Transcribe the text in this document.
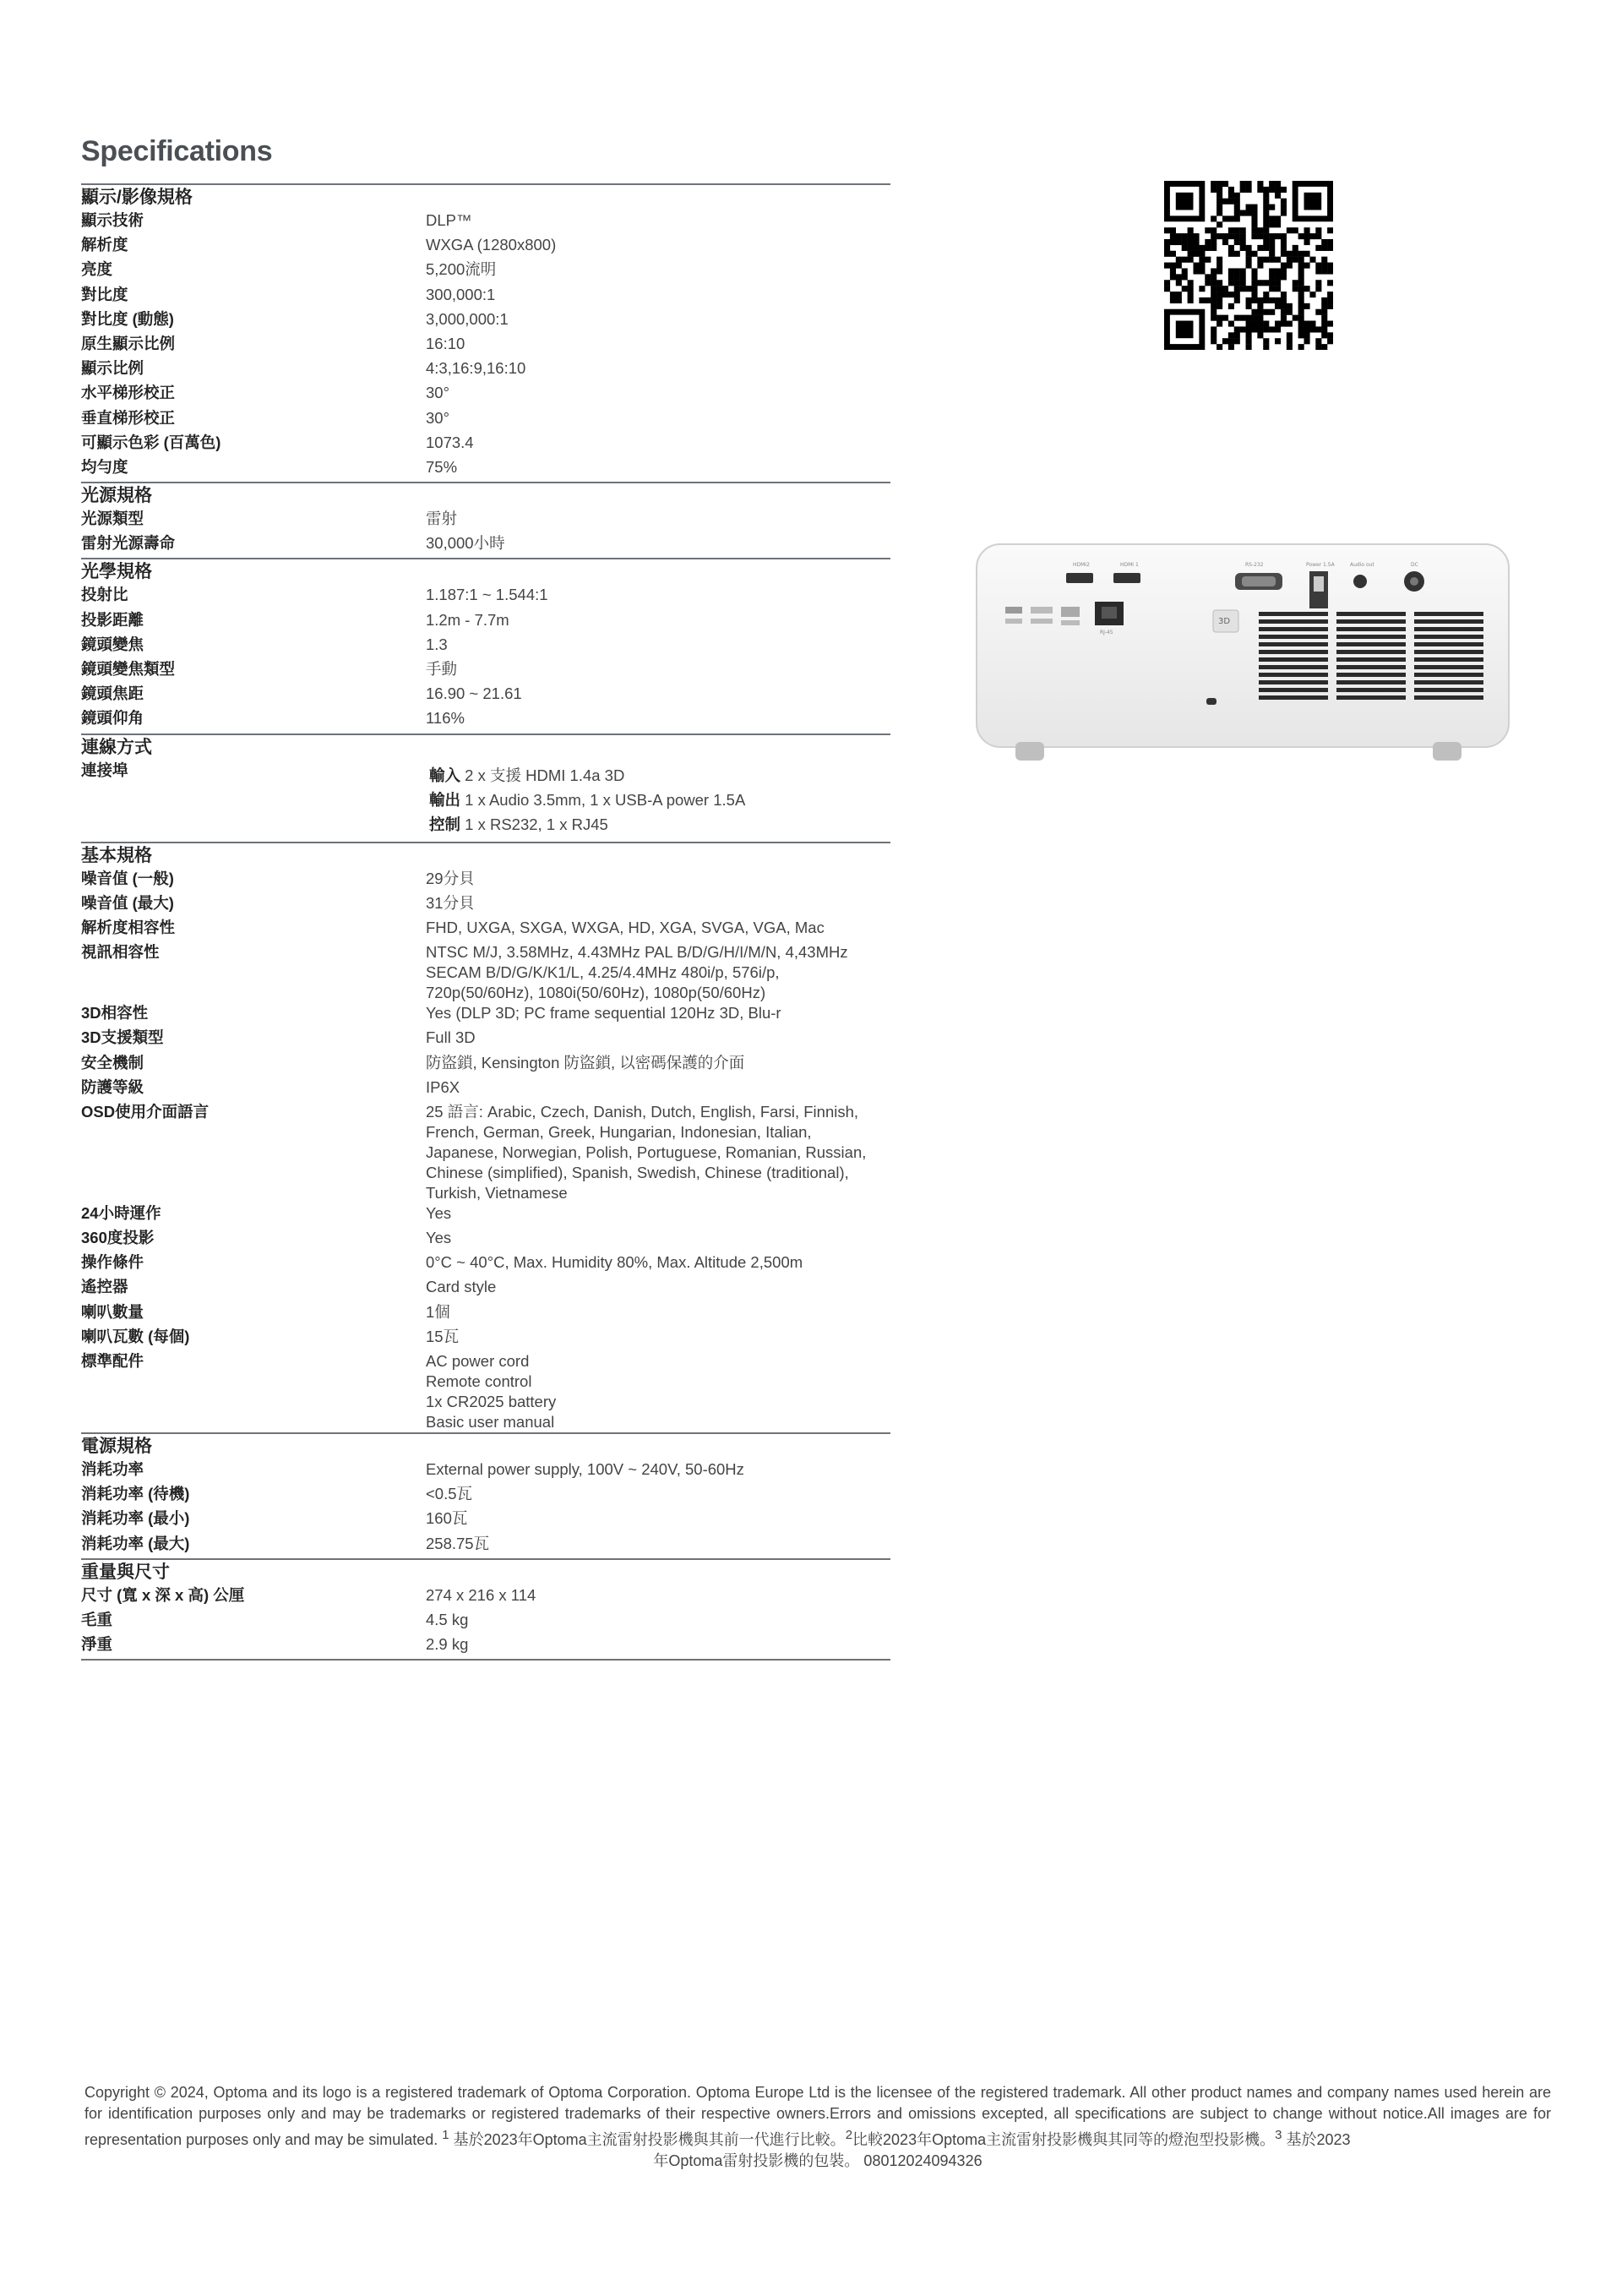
Specifications
顯示/影像規格
顯示技術	DLP™
解析度	WXGA (1280x800)
亮度	5,200流明
對比度	300,000:1
對比度 (動態)	3,000,000:1
原生顯示比例	16:10
顯示比例	4:3,16:9,16:10
水平梯形校正	30°
垂直梯形校正	30°
可顯示色彩 (百萬色)	1073.4
均勻度	75%
光源規格
光源類型	雷射
雷射光源壽命	30,000小時
光學規格
投射比	1.187:1 ~ 1.544:1
投影距離	1.2m - 7.7m
鏡頭變焦	1.3
鏡頭變焦類型	手動
鏡頭焦距	16.90 ~ 21.61
鏡頭仰角	116%
連線方式
連接埠	輸入 2 x 支援 HDMI 1.4a 3D
輸出 1 x Audio 3.5mm, 1 x USB-A power 1.5A
控制 1 x RS232, 1 x RJ45
基本規格
噪音值 (一般)	29分貝
噪音值 (最大)	31分貝
解析度相容性	FHD, UXGA, SXGA, WXGA, HD, XGA, SVGA, VGA, Mac
視訊相容性	NTSC M/J, 3.58MHz, 4.43MHz PAL B/D/G/H/I/M/N, 4,43MHz
SECAM B/D/G/K/K1/L, 4.25/4.4MHz 480i/p, 576i/p,
720p(50/60Hz), 1080i(50/60Hz), 1080p(50/60Hz)
3D相容性	Yes (DLP 3D; PC frame sequential 120Hz 3D, Blu-r
3D支援類型	Full 3D
安全機制	防盜鎖, Kensington 防盜鎖, 以密碼保護的介面
防護等級	IP6X
OSD使用介面語言	25 語言: Arabic, Czech, Danish, Dutch, English, Farsi, Finnish,
French, German, Greek, Hungarian, Indonesian, Italian,
Japanese, Norwegian, Polish, Portuguese, Romanian, Russian,
Chinese (simplified), Spanish, Swedish, Chinese (traditional),
Turkish, Vietnamese
24小時運作	Yes
360度投影	Yes
操作條件	0°C ~ 40°C, Max. Humidity 80%, Max. Altitude 2,500m
遙控器	Card style
喇叭數量	1個
喇叭瓦數 (每個)	15瓦
標準配件	AC power cord
Remote control
1x CR2025 battery
Basic user manual
電源規格
消耗功率	External power supply, 100V ~ 240V, 50-60Hz
消耗功率 (待機)	<0.5瓦
消耗功率 (最小)	160瓦
消耗功率 (最大)	258.75瓦
重量與尺寸
尺寸 (寬 x 深 x 高) 公厘	274 x 216 x 114
毛重	4.5 kg
淨重	2.9 kg
HDMI2	HDMI 1
RJ-45
RS-232	Power 1.5A	Audio out	DC
3D
Copyright © 2024, Optoma and its logo is a registered trademark of Optoma Corporation. Optoma Europe Ltd is the licensee of the registered trademark. All other product names and company names used herein are for identification purposes only and may be trademarks or registered trademarks of their respective owners.Errors and omissions excepted, all specifications are subject to change without notice.All images are for representation purposes only and may be simulated. $^1$ 基於2023年Optoma主流雷射投影機與其前一代進行比較。$^2$比較2023年Optoma主流雷射投影機與其同等的燈泡型投影機。$^3$ 基於2023
年Optoma雷射投影機的包裝。 08012024094326
